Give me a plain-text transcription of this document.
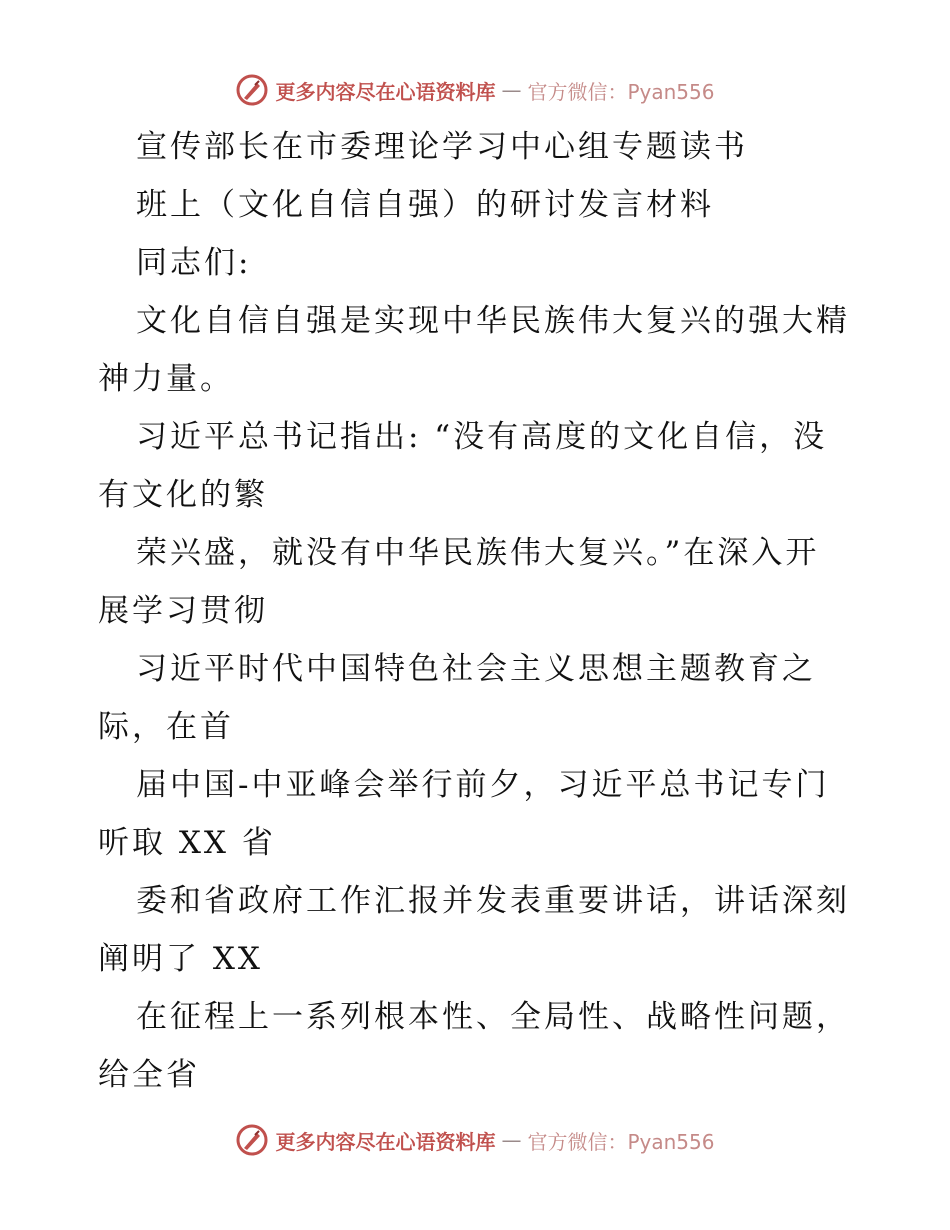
更多内容尽在心语资料库 — 官方微信：Pyan556
宣传部长在市委理论学习中心组专题读书
班上（文化自信自强）的研讨发言材料
同志们:
文化自信自强是实现中华民族伟大复兴的强大精
神力量。
习近平总书记指出: “没有高度的文化自信，没
有文化的繁
荣兴盛，就没有中华民族伟大复兴。”在深入开
展学习贯彻
习近平时代中国特色社会主义思想主题教育之
际，在首
届中国-中亚峰会举行前夕，习近平总书记专门
听取 XX 省
委和省政府工作汇报并发表重要讲话，讲话深刻
阐明了 XX
在征程上一系列根本性、全局性、战略性问题，
给全省
更多内容尽在心语资料库 — 官方微信：Pyan556
